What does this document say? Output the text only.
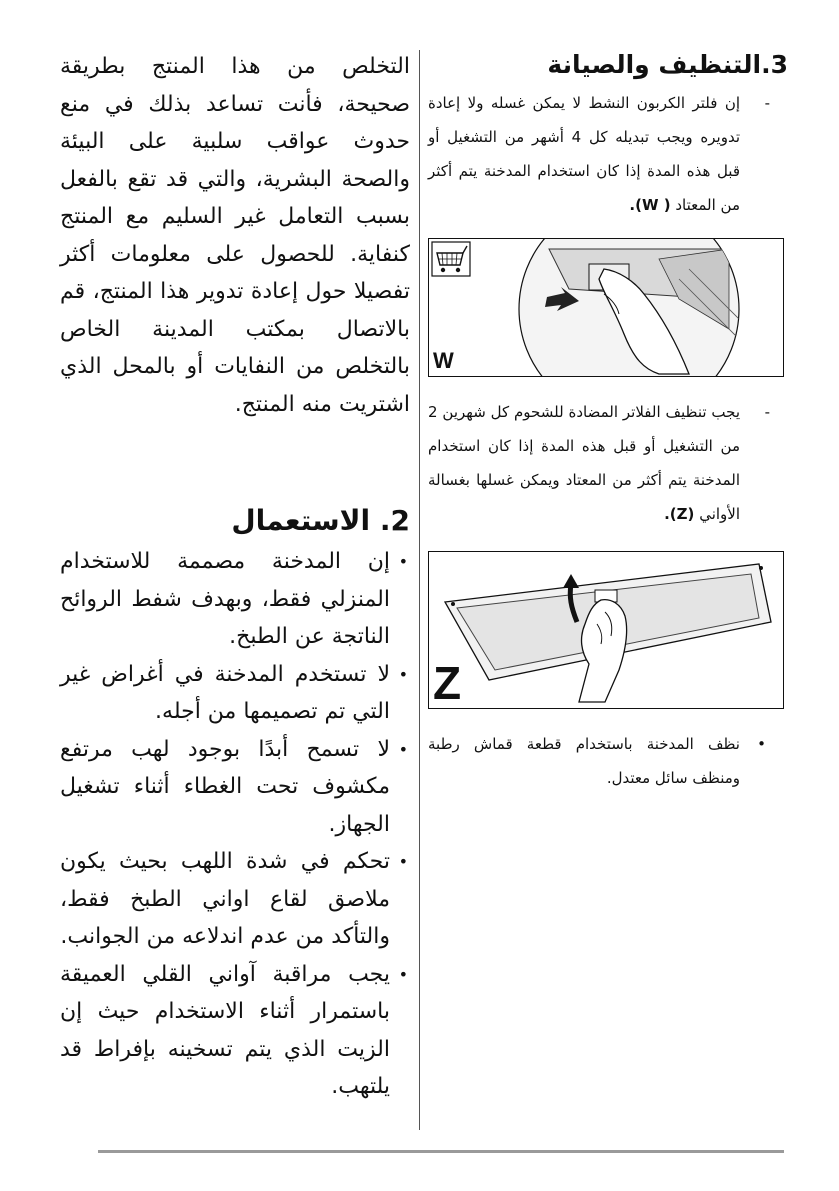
3.التنظيف والصيانة
-
إن فلتر الكربون النشط لا يمكن غسله ولا إعادة تدويره ويجب تبديله كل 4 أشهر من التشغيل أو قبل هذه المدة إذا كان استخدام المدخنة يتم أكثر من المعتاد ( W).
W
-
يجب تنظيف الفلاتر المضادة للشحوم كل شهرين 2 من التشغيل أو قبل هذه المدة إذا كان استخدام المدخنة يتم أكثر من المعتاد ويمكن غسلها بغسالة الأواني (Z).
Z
•
نظف المدخنة باستخدام قطعة قماش رطبة ومنظف سائل معتدل.

التخلص من هذا المنتج بطريقة صحيحة، فأنت تساعد بذلك في منع حدوث عواقب سلبية على البيئة والصحة البشرية، والتي قد تقع بالفعل بسبب التعامل غير السليم مع المنتج كنفاية. للحصول على معلومات أكثر تفصيلا حول إعادة تدوير هذا المنتج، قم بالاتصال بمكتب المدينة الخاص بالتخلص من النفايات أو بالمحل الذي اشتريت منه المنتج.

2. الاستعمال
•
إن المدخنة مصممة للاستخدام المنزلي فقط، وبهدف شفط الروائح الناتجة عن الطبخ.
•
لا تستخدم المدخنة في أغراض غير التي تم تصميمها من أجله.
•
لا تسمح أبدًا بوجود لهب مرتفع مكشوف تحت الغطاء أثناء تشغيل الجهاز.
•
تحكم في شدة اللهب بحيث يكون ملاصق لقاع اواني الطبخ فقط، والتأكد من عدم اندلاعه من الجوانب.
•
يجب مراقبة آواني القلي العميقة باستمرار أثناء الاستخدام حيث إن الزيت الذي يتم تسخينه بإفراط قد يلتهب.
